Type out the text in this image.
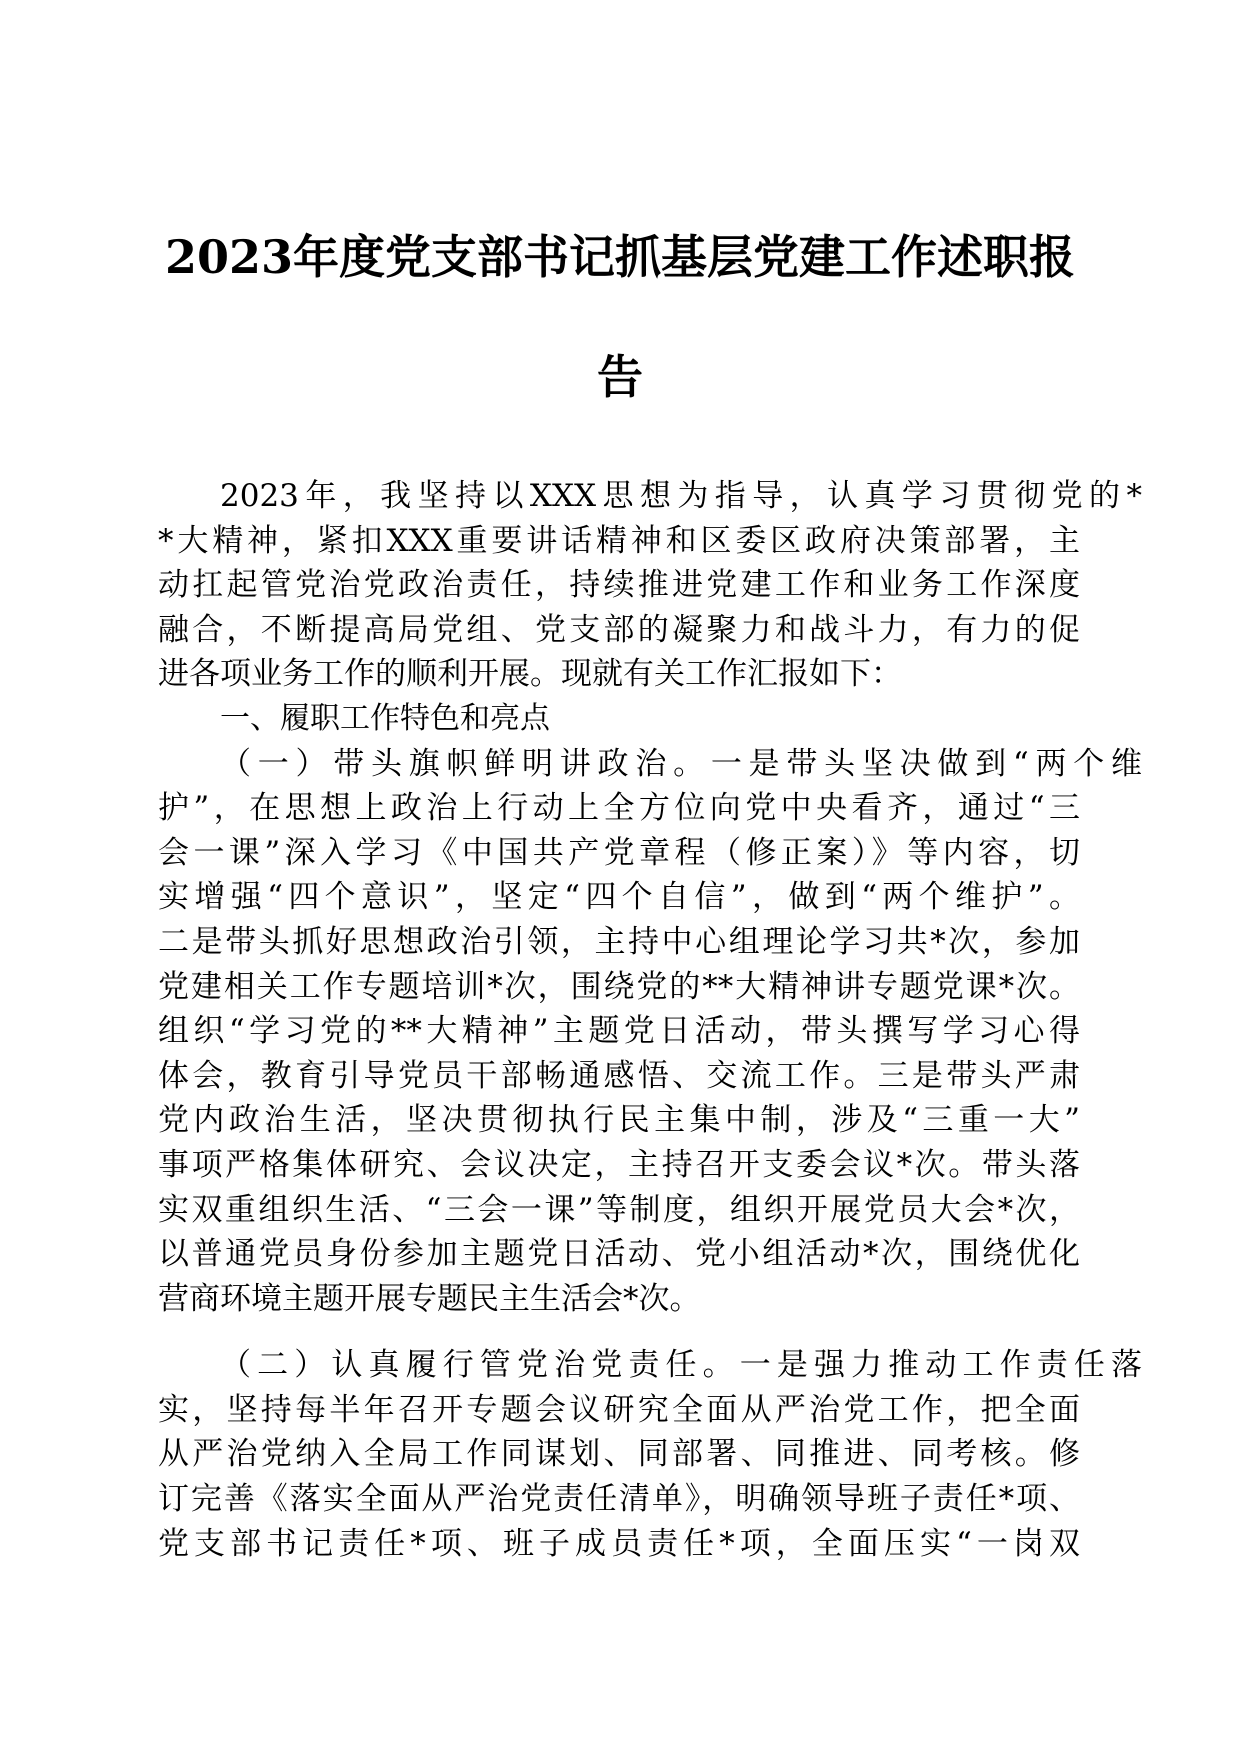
2023年度党支部书记抓基层党建工作述职报
告
2023年，我坚持以XXX思想为指导，认真学习贯彻党的*
*大精神，紧扣XXX重要讲话精神和区委区政府决策部署，主
动扛起管党治党政治责任，持续推进党建工作和业务工作深度
融合，不断提高局党组、党支部的凝聚力和战斗力，有力的促
进各项业务工作的顺利开展。现就有关工作汇报如下：
一、履职工作特色和亮点
（一）带头旗帜鲜明讲政治。一是带头坚决做到“两个维
护”，在思想上政治上行动上全方位向党中央看齐，通过“三
会一课”深入学习《中国共产党章程（修正案）》等内容，切
实增强“四个意识”，坚定“四个自信”，做到“两个维护”。
二是带头抓好思想政治引领，主持中心组理论学习共*次，参加
党建相关工作专题培训*次，围绕党的**大精神讲专题党课*次。
组织“学习党的**大精神”主题党日活动，带头撰写学习心得
体会，教育引导党员干部畅通感悟、交流工作。三是带头严肃
党内政治生活，坚决贯彻执行民主集中制，涉及“三重一大”
事项严格集体研究、会议决定，主持召开支委会议*次。带头落
实双重组织生活、“三会一课”等制度，组织开展党员大会*次，
以普通党员身份参加主题党日活动、党小组活动*次，围绕优化
营商环境主题开展专题民主生活会*次。
（二）认真履行管党治党责任。一是强力推动工作责任落
实，坚持每半年召开专题会议研究全面从严治党工作，把全面
从严治党纳入全局工作同谋划、同部署、同推进、同考核。修
订完善《落实全面从严治党责任清单》，明确领导班子责任*项、
党支部书记责任*项、班子成员责任*项，全面压实“一岗双
